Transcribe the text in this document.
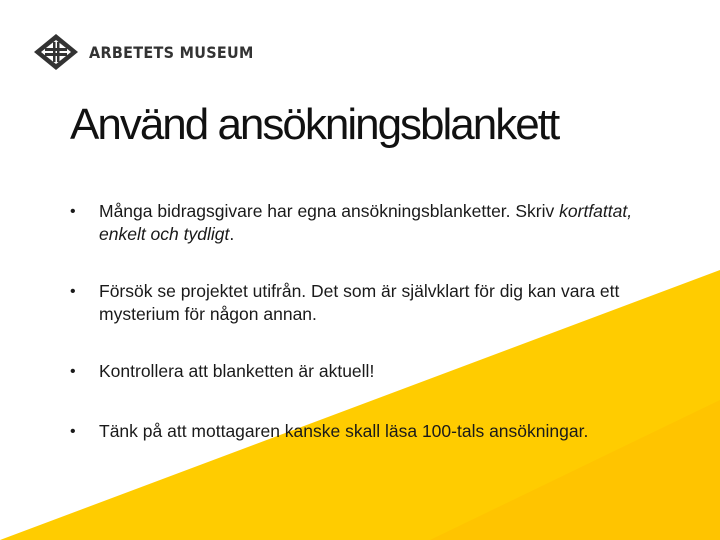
ARBETETS MUSEUM
Använd ansökningsblankett
•	Många bidragsgivare har egna ansökningsblanketter. Skriv kortfattat, enkelt och tydligt.
•	Försök se projektet utifrån. Det som är självklart för dig kan vara ett mysterium för någon annan.
•	Kontrollera att blanketten är aktuell!
•	Tänk på att mottagaren kanske skall läsa 100-tals ansökningar.
